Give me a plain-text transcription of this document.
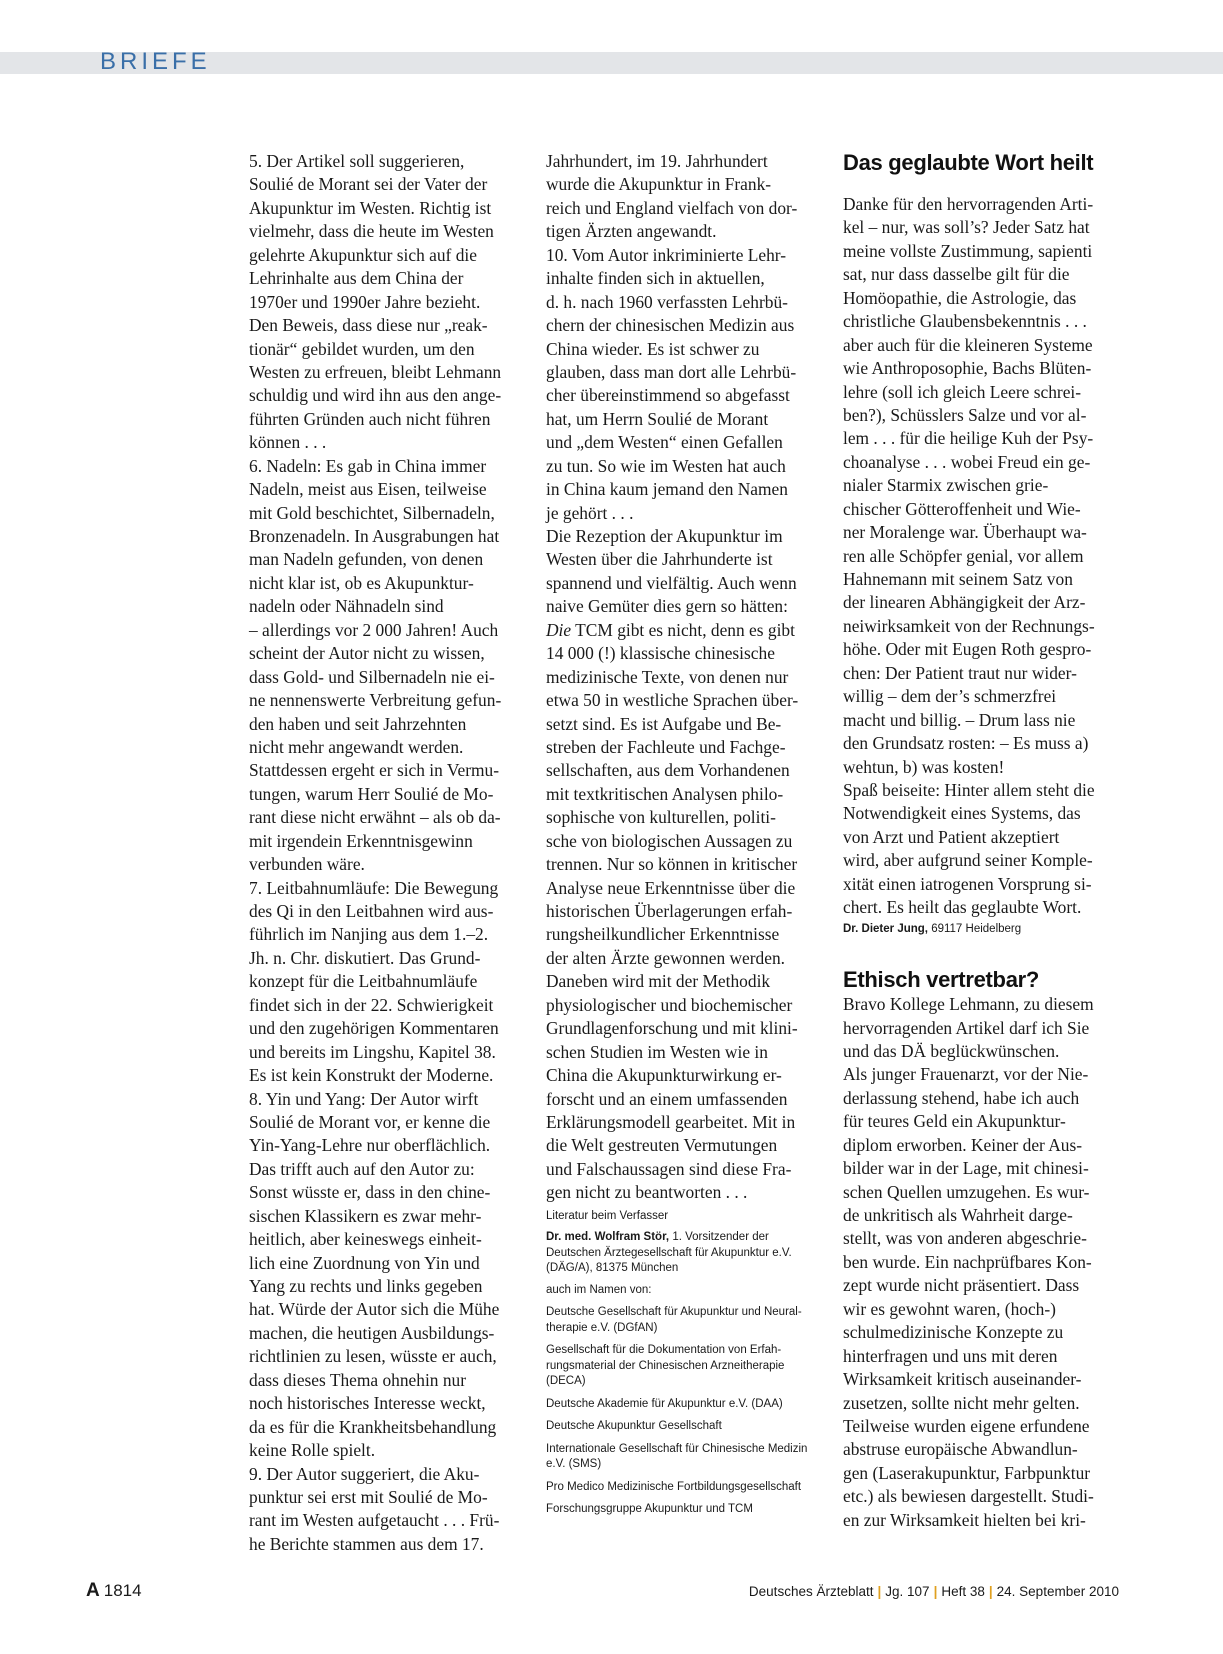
BRIEFE
5. Der Artikel soll suggerieren,
Soulié de Morant sei der Vater der
Akupunktur im Westen. Richtig ist
vielmehr, dass die heute im Westen
gelehrte Akupunktur sich auf die
Lehrinhalte aus dem China der
1970er und 1990er Jahre bezieht.
Den Beweis, dass diese nur „reak-
tionär“ gebildet wurden, um den
Westen zu erfreuen, bleibt Lehmann
schuldig und wird ihn aus den ange-
führten Gründen auch nicht führen
können . . .
6. Nadeln: Es gab in China immer
Nadeln, meist aus Eisen, teilweise
mit Gold beschichtet, Silbernadeln,
Bronzenadeln. In Ausgrabungen hat
man Nadeln gefunden, von denen
nicht klar ist, ob es Akupunktur-
nadeln oder Nähnadeln sind
– allerdings vor 2 000 Jahren! Auch
scheint der Autor nicht zu wissen,
dass Gold- und Silbernadeln nie ei-
ne nennenswerte Verbreitung gefun-
den haben und seit Jahrzehnten
nicht mehr angewandt werden.
Stattdessen ergeht er sich in Vermu-
tungen, warum Herr Soulié de Mo-
rant diese nicht erwähnt – als ob da-
mit irgendein Erkenntnisgewinn
verbunden wäre.
7. Leitbahnumläufe: Die Bewegung
des Qi in den Leitbahnen wird aus-
führlich im Nanjing aus dem 1.–2.
Jh. n. Chr. diskutiert. Das Grund-
konzept für die Leitbahnumläufe
findet sich in der 22. Schwierigkeit
und den zugehörigen Kommentaren
und bereits im Lingshu, Kapitel 38.
Es ist kein Konstrukt der Moderne.
8. Yin und Yang: Der Autor wirft
Soulié de Morant vor, er kenne die
Yin-Yang-Lehre nur oberflächlich.
Das trifft auch auf den Autor zu:
Sonst wüsste er, dass in den chine-
sischen Klassikern es zwar mehr-
heitlich, aber keineswegs einheit-
lich eine Zuordnung von Yin und
Yang zu rechts und links gegeben
hat. Würde der Autor sich die Mühe
machen, die heutigen Ausbildungs-
richtlinien zu lesen, wüsste er auch,
dass dieses Thema ohnehin nur
noch historisches Interesse weckt,
da es für die Krankheitsbehandlung
keine Rolle spielt.
9. Der Autor suggeriert, die Aku-
punktur sei erst mit Soulié de Mo-
rant im Westen aufgetaucht . . . Frü-
he Berichte stammen aus dem 17.
Jahrhundert, im 19. Jahrhundert
wurde die Akupunktur in Frank-
reich und England vielfach von dor-
tigen Ärzten angewandt.
10. Vom Autor inkriminierte Lehr-
inhalte finden sich in aktuellen,
d. h. nach 1960 verfassten Lehrbü-
chern der chinesischen Medizin aus
China wieder. Es ist schwer zu
glauben, dass man dort alle Lehrbü-
cher übereinstimmend so abgefasst
hat, um Herrn Soulié de Morant
und „dem Westen“ einen Gefallen
zu tun. So wie im Westen hat auch
in China kaum jemand den Namen
je gehört . . .
Die Rezeption der Akupunktur im
Westen über die Jahrhunderte ist
spannend und vielfältig. Auch wenn
naive Gemüter dies gern so hätten:
Die TCM gibt es nicht, denn es gibt
14 000 (!) klassische chinesische
medizinische Texte, von denen nur
etwa 50 in westliche Sprachen über-
setzt sind. Es ist Aufgabe und Be-
streben der Fachleute und Fachge-
sellschaften, aus dem Vorhandenen
mit textkritischen Analysen philo-
sophische von kulturellen, politi-
sche von biologischen Aussagen zu
trennen. Nur so können in kritischer
Analyse neue Erkenntnisse über die
historischen Überlagerungen erfah-
rungsheilkundlicher Erkenntnisse
der alten Ärzte gewonnen werden.
Daneben wird mit der Methodik
physiologischer und biochemischer
Grundlagenforschung und mit klini-
schen Studien im Westen wie in
China die Akupunkturwirkung er-
forscht und an einem umfassenden
Erklärungsmodell gearbeitet. Mit in
die Welt gestreuten Vermutungen
und Falschaussagen sind diese Fra-
gen nicht zu beantworten . . .
Literatur beim Verfasser
Dr. med. Wolfram Stör, 1. Vorsitzender der
Deutschen Ärztegesellschaft für Akupunktur e.V.
(DÄG/A), 81375 München
auch im Namen von:
Deutsche Gesellschaft für Akupunktur und Neural-
therapie e.V. (DGfAN)
Gesellschaft für die Dokumentation von Erfah-
rungsmaterial der Chinesischen Arzneitherapie
(DECA)
Deutsche Akademie für Akupunktur e.V. (DAA)
Deutsche Akupunktur Gesellschaft
Internationale Gesellschaft für Chinesische Medizin
e.V. (SMS)
Pro Medico Medizinische Fortbildungsgesellschaft
Forschungsgruppe Akupunktur und TCM
Das geglaubte Wort heilt
Danke für den hervorragenden Arti-
kel – nur, was soll’s? Jeder Satz hat
meine vollste Zustimmung, sapienti
sat, nur dass dasselbe gilt für die
Homöopathie, die Astrologie, das
christliche Glaubensbekenntnis . . .
aber auch für die kleineren Systeme
wie Anthroposophie, Bachs Blüten-
lehre (soll ich gleich Leere schrei-
ben?), Schüsslers Salze und vor al-
lem . . . für die heilige Kuh der Psy-
choanalyse . . . wobei Freud ein ge-
nialer Starmix zwischen grie-
chischer Götteroffenheit und Wie-
ner Moralenge war. Überhaupt wa-
ren alle Schöpfer genial, vor allem
Hahnemann mit seinem Satz von
der linearen Abhängigkeit der Arz-
neiwirksamkeit von der Rechnungs-
höhe. Oder mit Eugen Roth gespro-
chen: Der Patient traut nur wider-
willig – dem der’s schmerzfrei
macht und billig. – Drum lass nie
den Grundsatz rosten: – Es muss a)
wehtun, b) was kosten!
Spaß beiseite: Hinter allem steht die
Notwendigkeit eines Systems, das
von Arzt und Patient akzeptiert
wird, aber aufgrund seiner Komple-
xität einen iatrogenen Vorsprung si-
chert. Es heilt das geglaubte Wort.
Dr. Dieter Jung, 69117 Heidelberg
Ethisch vertretbar?
Bravo Kollege Lehmann, zu diesem
hervorragenden Artikel darf ich Sie
und das DÄ beglückwünschen.
Als junger Frauenarzt, vor der Nie-
derlassung stehend, habe ich auch
für teures Geld ein Akupunktur-
diplom erworben. Keiner der Aus-
bilder war in der Lage, mit chinesi-
schen Quellen umzugehen. Es wur-
de unkritisch als Wahrheit darge-
stellt, was von anderen abgeschrie-
ben wurde. Ein nachprüfbares Kon-
zept wurde nicht präsentiert. Dass
wir es gewohnt waren, (hoch-)
schulmedizinische Konzepte zu
hinterfragen und uns mit deren
Wirksamkeit kritisch auseinander-
zusetzen, sollte nicht mehr gelten.
Teilweise wurden eigene erfundene
abstruse europäische Abwandlun-
gen (Laserakupunktur, Farbpunktur
etc.) als bewiesen dargestellt. Studi-
en zur Wirksamkeit hielten bei kri-
A 1814	Deutsches Ärzteblatt | Jg. 107 | Heft 38 | 24. September 2010
